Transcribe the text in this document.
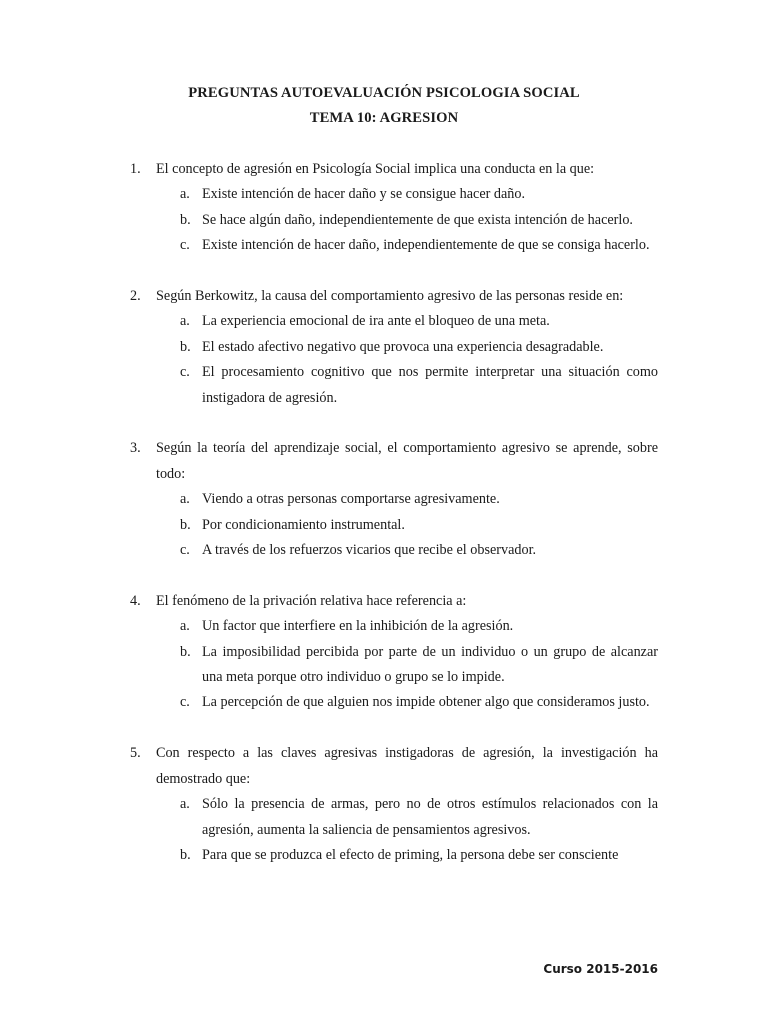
PREGUNTAS AUTOEVALUACIÓN PSICOLOGIA SOCIAL
TEMA 10: AGRESION
1. El concepto de agresión en Psicología Social implica una conducta en la que:
a. Existe intención de hacer daño y se consigue hacer daño.
b. Se hace algún daño, independientemente de que exista intención de hacerlo.
c. Existe intención de hacer daño, independientemente de que se consiga hacerlo.
2. Según Berkowitz, la causa del comportamiento agresivo de las personas reside en:
a. La experiencia emocional de ira ante el bloqueo de una meta.
b. El estado afectivo negativo que provoca una experiencia desagradable.
c. El procesamiento cognitivo que nos permite interpretar una situación como instigadora de agresión.
3. Según la teoría del aprendizaje social, el comportamiento agresivo se aprende, sobre todo:
a. Viendo a otras personas comportarse agresivamente.
b. Por condicionamiento instrumental.
c. A través de los refuerzos vicarios que recibe el observador.
4. El fenómeno de la privación relativa hace referencia a:
a. Un factor que interfiere en la inhibición de la agresión.
b. La imposibilidad percibida por parte de un individuo o un grupo de alcanzar una meta porque otro individuo o grupo se lo impide.
c. La percepción de que alguien nos impide obtener algo que consideramos justo.
5. Con respecto a las claves agresivas instigadoras de agresión, la investigación ha demostrado que:
a. Sólo la presencia de armas, pero no de otros estímulos relacionados con la agresión, aumenta la saliencia de pensamientos agresivos.
b. Para que se produzca el efecto de priming, la persona debe ser consciente
Curso 2015-2016
